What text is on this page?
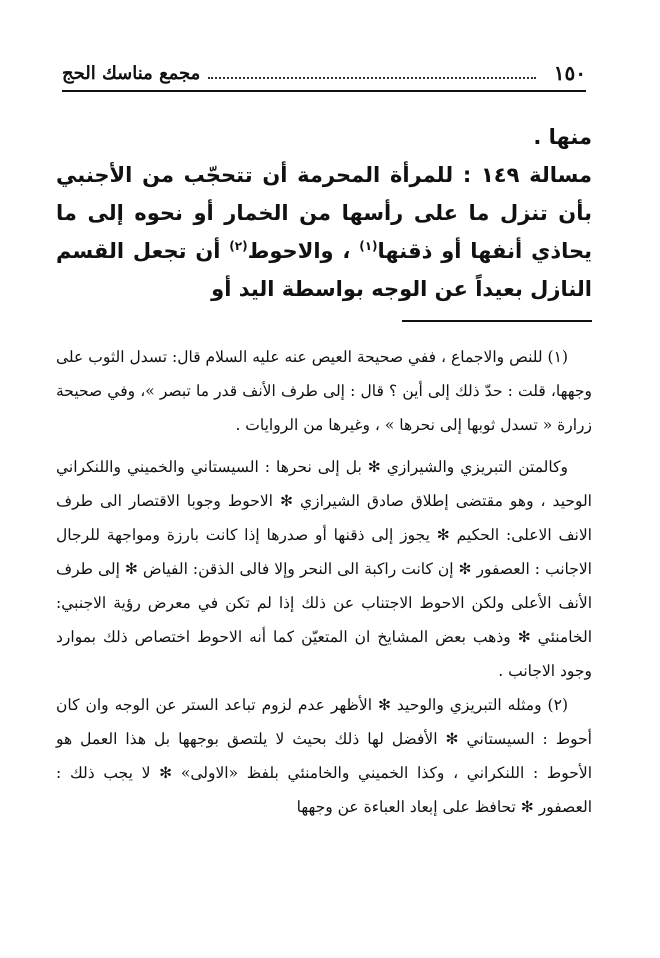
١٥٠
مجمع مناسك الحج

منها .

مسالة ١٤٩ : للمرأة المحرمة أن تتحجّب من الأجنبي بأن تنزل ما على رأسها من الخمار أو نحوه إلى ما يحاذي أنفها أو ذقنها$^{(١)}$ ، والاحوط$^{(٢)}$ أن تجعل القسم النازل بعيداً عن الوجه بواسطة اليد أو

(١) للنص والاجماع ، ففي صحيحة العيص عنه عليه السلام قال: تسدل الثوب على وجهها، قلت : حدّ ذلك إلى أين ؟ قال : إلى طرف الأنف قدر ما تبصر »، وفي صحيحة زرارة « تسدل ثوبها إلى نحرها » ، وغيرها من الروايات .

وكالمتن التبريزي والشيرازي ✻ بل إلى نحرها : السيستاني والخميني واللنكراني الوحيد ، وهو مقتضى إطلاق صادق الشيرازي ✻ الاحوط وجوبا الاقتصار الى طرف الانف الاعلى: الحكيم ✻ يجوز إلى ذقنها أو صدرها إذا كانت بارزة ومواجهة للرجال الاجانب : العصفور ✻ إن كانت راكبة الى النحر وإلا فالى الذقن: الفياض ✻ إلى طرف الأنف الأعلى ولكن الاحوط الاجتناب عن ذلك إذا لم تكن في معرض رؤية الاجنبي: الخامنئي ✻ وذهب بعض المشايخ ان المتعيّن كما أنه الاحوط اختصاص ذلك بموارد وجود الاجانب .

(٢) ومثله التبريزي والوحيد ✻ الأظهر عدم لزوم تباعد الستر عن الوجه وان كان أحوط : السيستاني ✻ الأفضل لها ذلك بحيث لا يلتصق بوجهها بل هذا العمل هو الأحوط : اللنكراني ، وكذا الخميني والخامنئي بلفظ «الاولى» ✻ لا يجب ذلك : العصفور ✻ تحافظ على إبعاد العباءة عن وجهها
